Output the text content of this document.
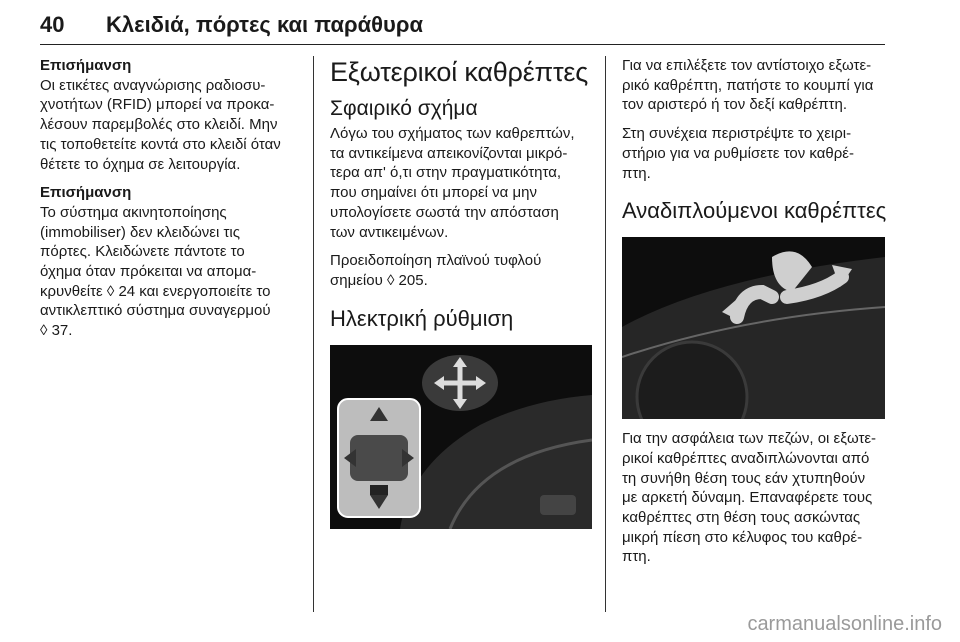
40 Κλειδιά, πόρτες και παράθυρα

Επισήμανση

Οι ετικέτες αναγνώρισης ραδιοσυ-

χνοτήτων (RFID) μπορεί να προκα-

λέσουν παρεμβολές στο κλειδί. Μην

τις τοποθετείτε κοντά στο κλειδί όταν

θέτετε το όχημα σε λειτουργία.

Επισήμανση

Το σύστημα ακινητοποίησης

(immobiliser) δεν κλειδώνει τις

πόρτες. Κλειδώνετε πάντοτε το

όχημα όταν πρόκειται να απομα-

κρυνθείτε ◊ 24 και ενεργοποιείτε το

αντικλεπτικό σύστημα συναγερμού

◊ 37.

Εξωτερικοί καθρέπτες
Σφαιρικό σχήμα

Λόγω του σχήματος των καθρεπτών,

τα αντικείμενα απεικονίζονται μικρό-

τερα απ' ό,τι στην πραγματικότητα,

που σημαίνει ότι μπορεί να μην

υπολογίσετε σωστά την απόσταση

των αντικειμένων.

Προειδοποίηση πλαϊνού τυφλού

σημείου ◊ 205.

Ηλεκτρική ρύθμιση

Για να επιλέξετε τον αντίστοιχο εξωτε-

ρικό καθρέπτη, πατήστε το κουμπί για

τον αριστερό ή τον δεξί καθρέπτη.

Στη συνέχεια περιστρέψτε το χειρι-

στήριο για να ρυθμίσετε τον καθρέ-

πτη.

Αναδιπλούμενοι καθρέπτες

Για την ασφάλεια των πεζών, οι εξωτε-

ρικοί καθρέπτες αναδιπλώνονται από

τη συνήθη θέση τους εάν χτυπηθούν

με αρκετή δύναμη. Επαναφέρετε τους

καθρέπτες στη θέση τους ασκώντας

μικρή πίεση στο κέλυφος του καθρέ-

πτη.

carmanualsonline.info
